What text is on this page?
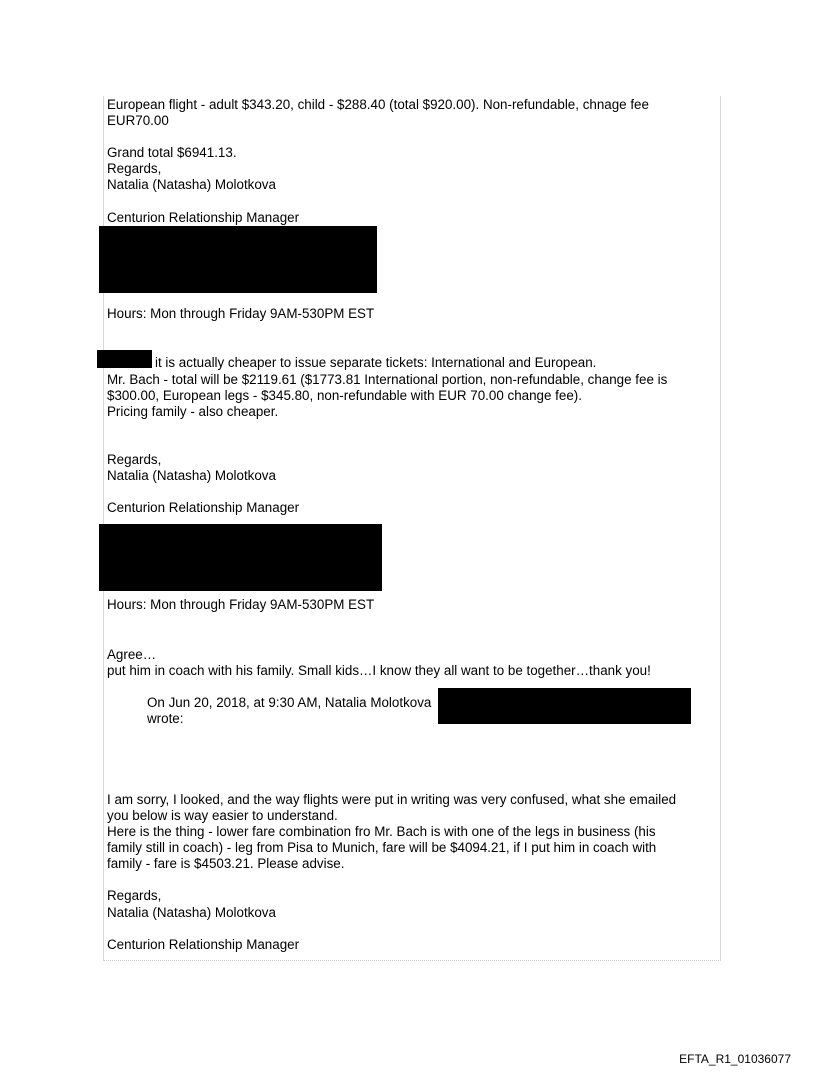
European flight - adult $343.20, child - $288.40 (total $920.00). Non-refundable, chnage fee
EUR70.00
Grand total $6941.13.
Regards,
Natalia (Natasha) Molotkova
Centurion Relationship Manager
Hours: Mon through Friday 9AM-530PM EST
it is actually cheaper to issue separate tickets: International and European.
Mr. Bach - total will be $2119.61 ($1773.81 International portion, non-refundable, change fee is
$300.00, European legs - $345.80, non-refundable with EUR 70.00 change fee).
Pricing family - also cheaper.
Regards,
Natalia (Natasha) Molotkova
Centurion Relationship Manager
Hours: Mon through Friday 9AM-530PM EST
Agree…
put him in coach with his family. Small kids…I know they all want to be together…thank you!
On Jun 20, 2018, at 9:30 AM, Natalia Molotkova
wrote:
I am sorry, I looked, and the way flights were put in writing was very confused, what she emailed
you below is way easier to understand.
Here is the thing - lower fare combination fro Mr. Bach is with one of the legs in business (his
family still in coach) - leg from Pisa to Munich, fare will be $4094.21, if I put him in coach with
family - fare is $4503.21. Please advise.
Regards,
Natalia (Natasha) Molotkova
Centurion Relationship Manager
EFTA_R1_01036077
